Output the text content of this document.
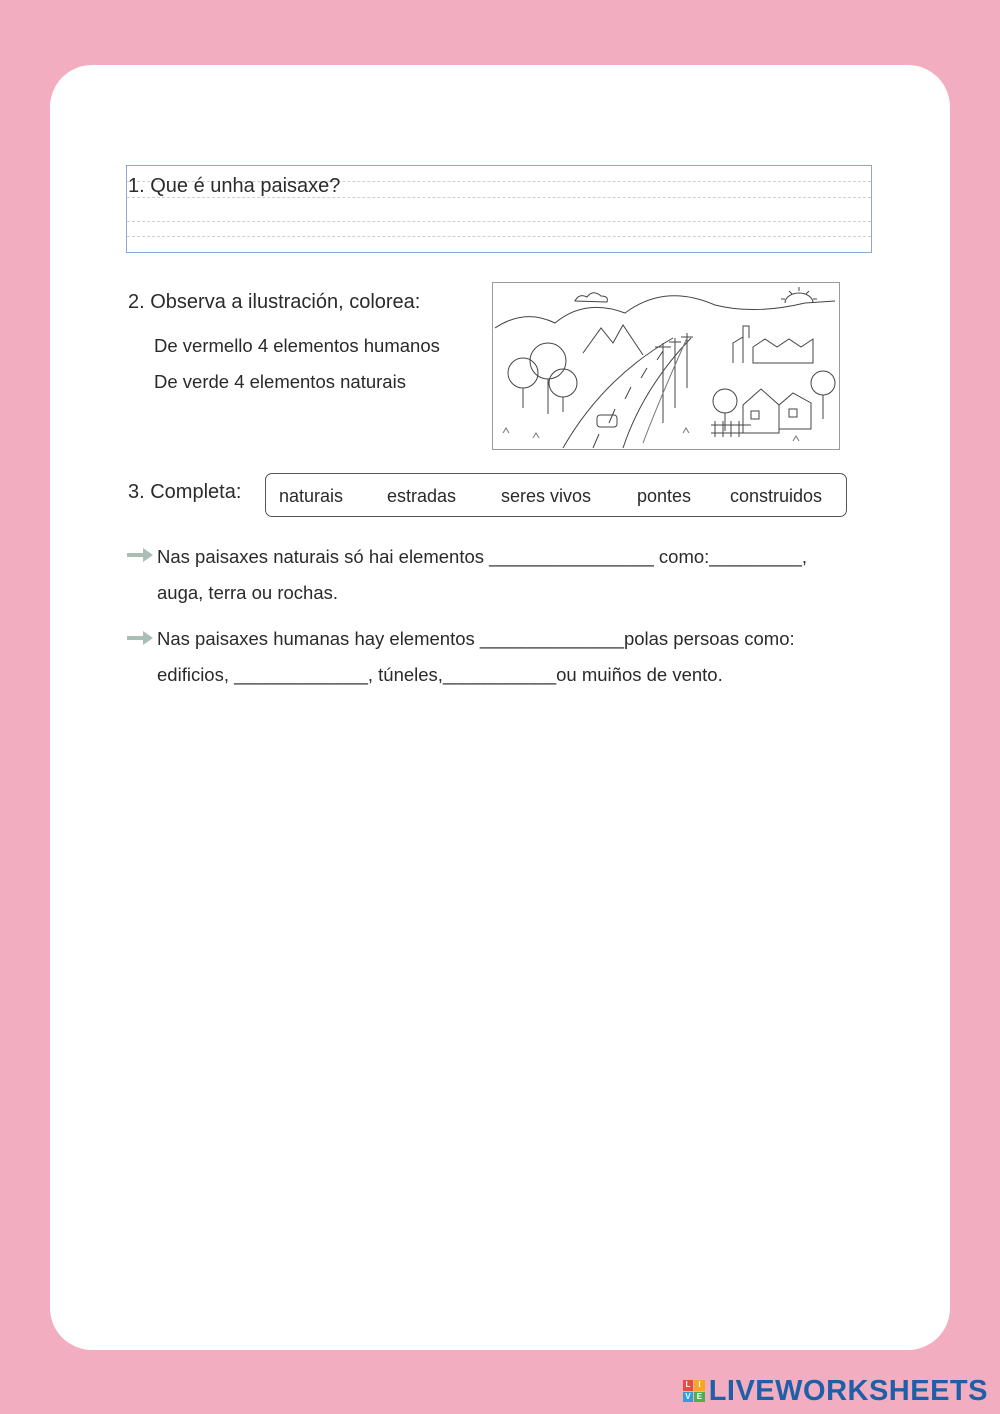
1. Que é unha paisaxe?
2. Observa a ilustración, colorea:
De vermello 4 elementos humanos
De verde 4 elementos naturais
3. Completa: naturais estradas seres vivos	pontes construidos
Nas paisaxes naturais só hai elementos ________________ como:_________,
auga, terra ou rochas.
Nas paisaxes humanas hay elementos ______________polas persoas como:
edificios, _____________, túneles,___________ou muiños de vento.
L I
V E LIVEWORKSHEETS
